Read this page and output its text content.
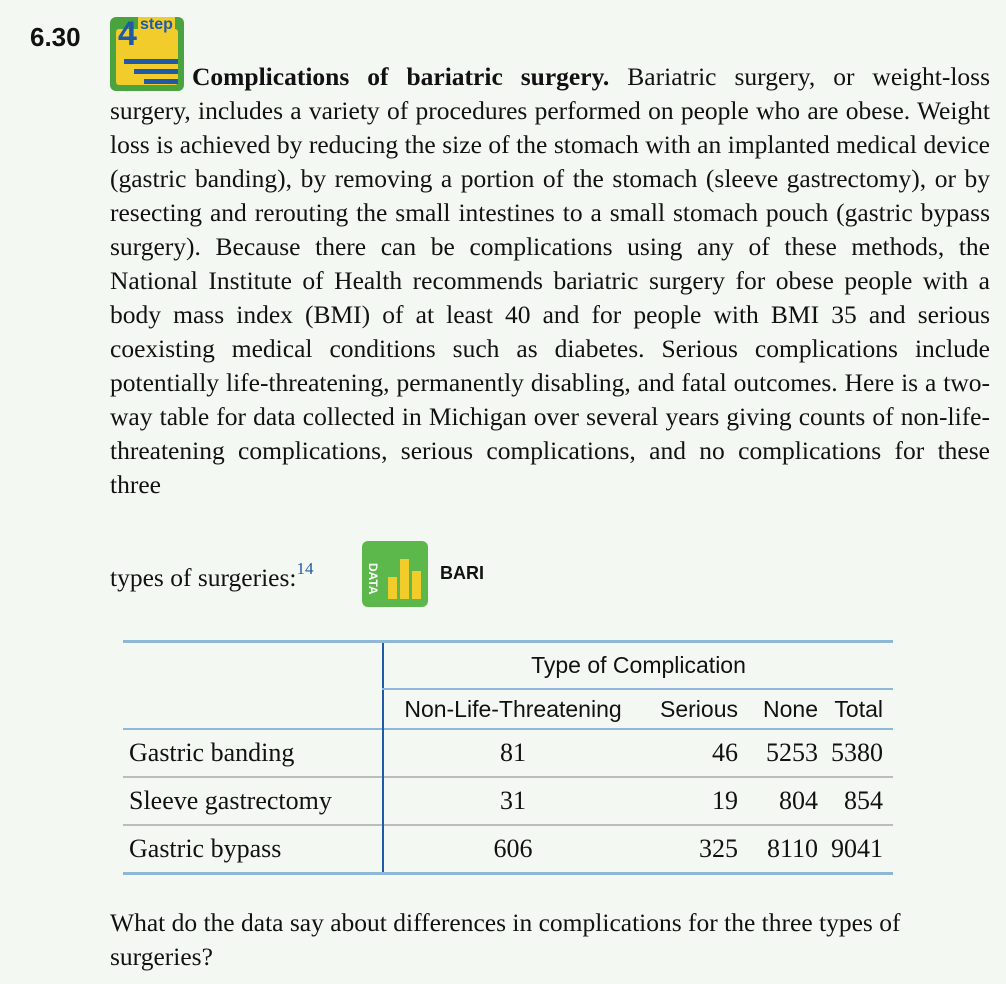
6.30 4 step

Complications of bariatric surgery. Bariatric surgery, or weight-loss surgery, includes a variety of procedures performed on people who are obese. Weight loss is achieved by reducing the size of the stomach with an implanted medical device (gastric banding), by removing a portion of the stomach (sleeve gastrectomy), or by resecting and rerouting the small intestines to a small stomach pouch (gastric bypass surgery). Because there can be complications using any of these methods, the National Institute of Health recommends bariatric surgery for obese people with a body mass index (BMI) of at least 40 and for people with BMI 35 and serious coexisting medical conditions such as diabetes. Serious complications include potentially life-threatening, permanently disabling, and fatal outcomes. Here is a two-way table for data collected in Michigan over several years giving counts of non-life-threatening complications, serious complications, and no complications for these three

types of surgeries:$^{14}$	DATA	BARI
	Type of Complication			
	Non-Life-Threatening	Serious	None	Total
Gastric banding	81	46	5253	5380
Sleeve gastrectomy	31	19	804	854
Gastric bypass	606	325	8110	9041

What do the data say about differences in complications for the three types of surgeries?
